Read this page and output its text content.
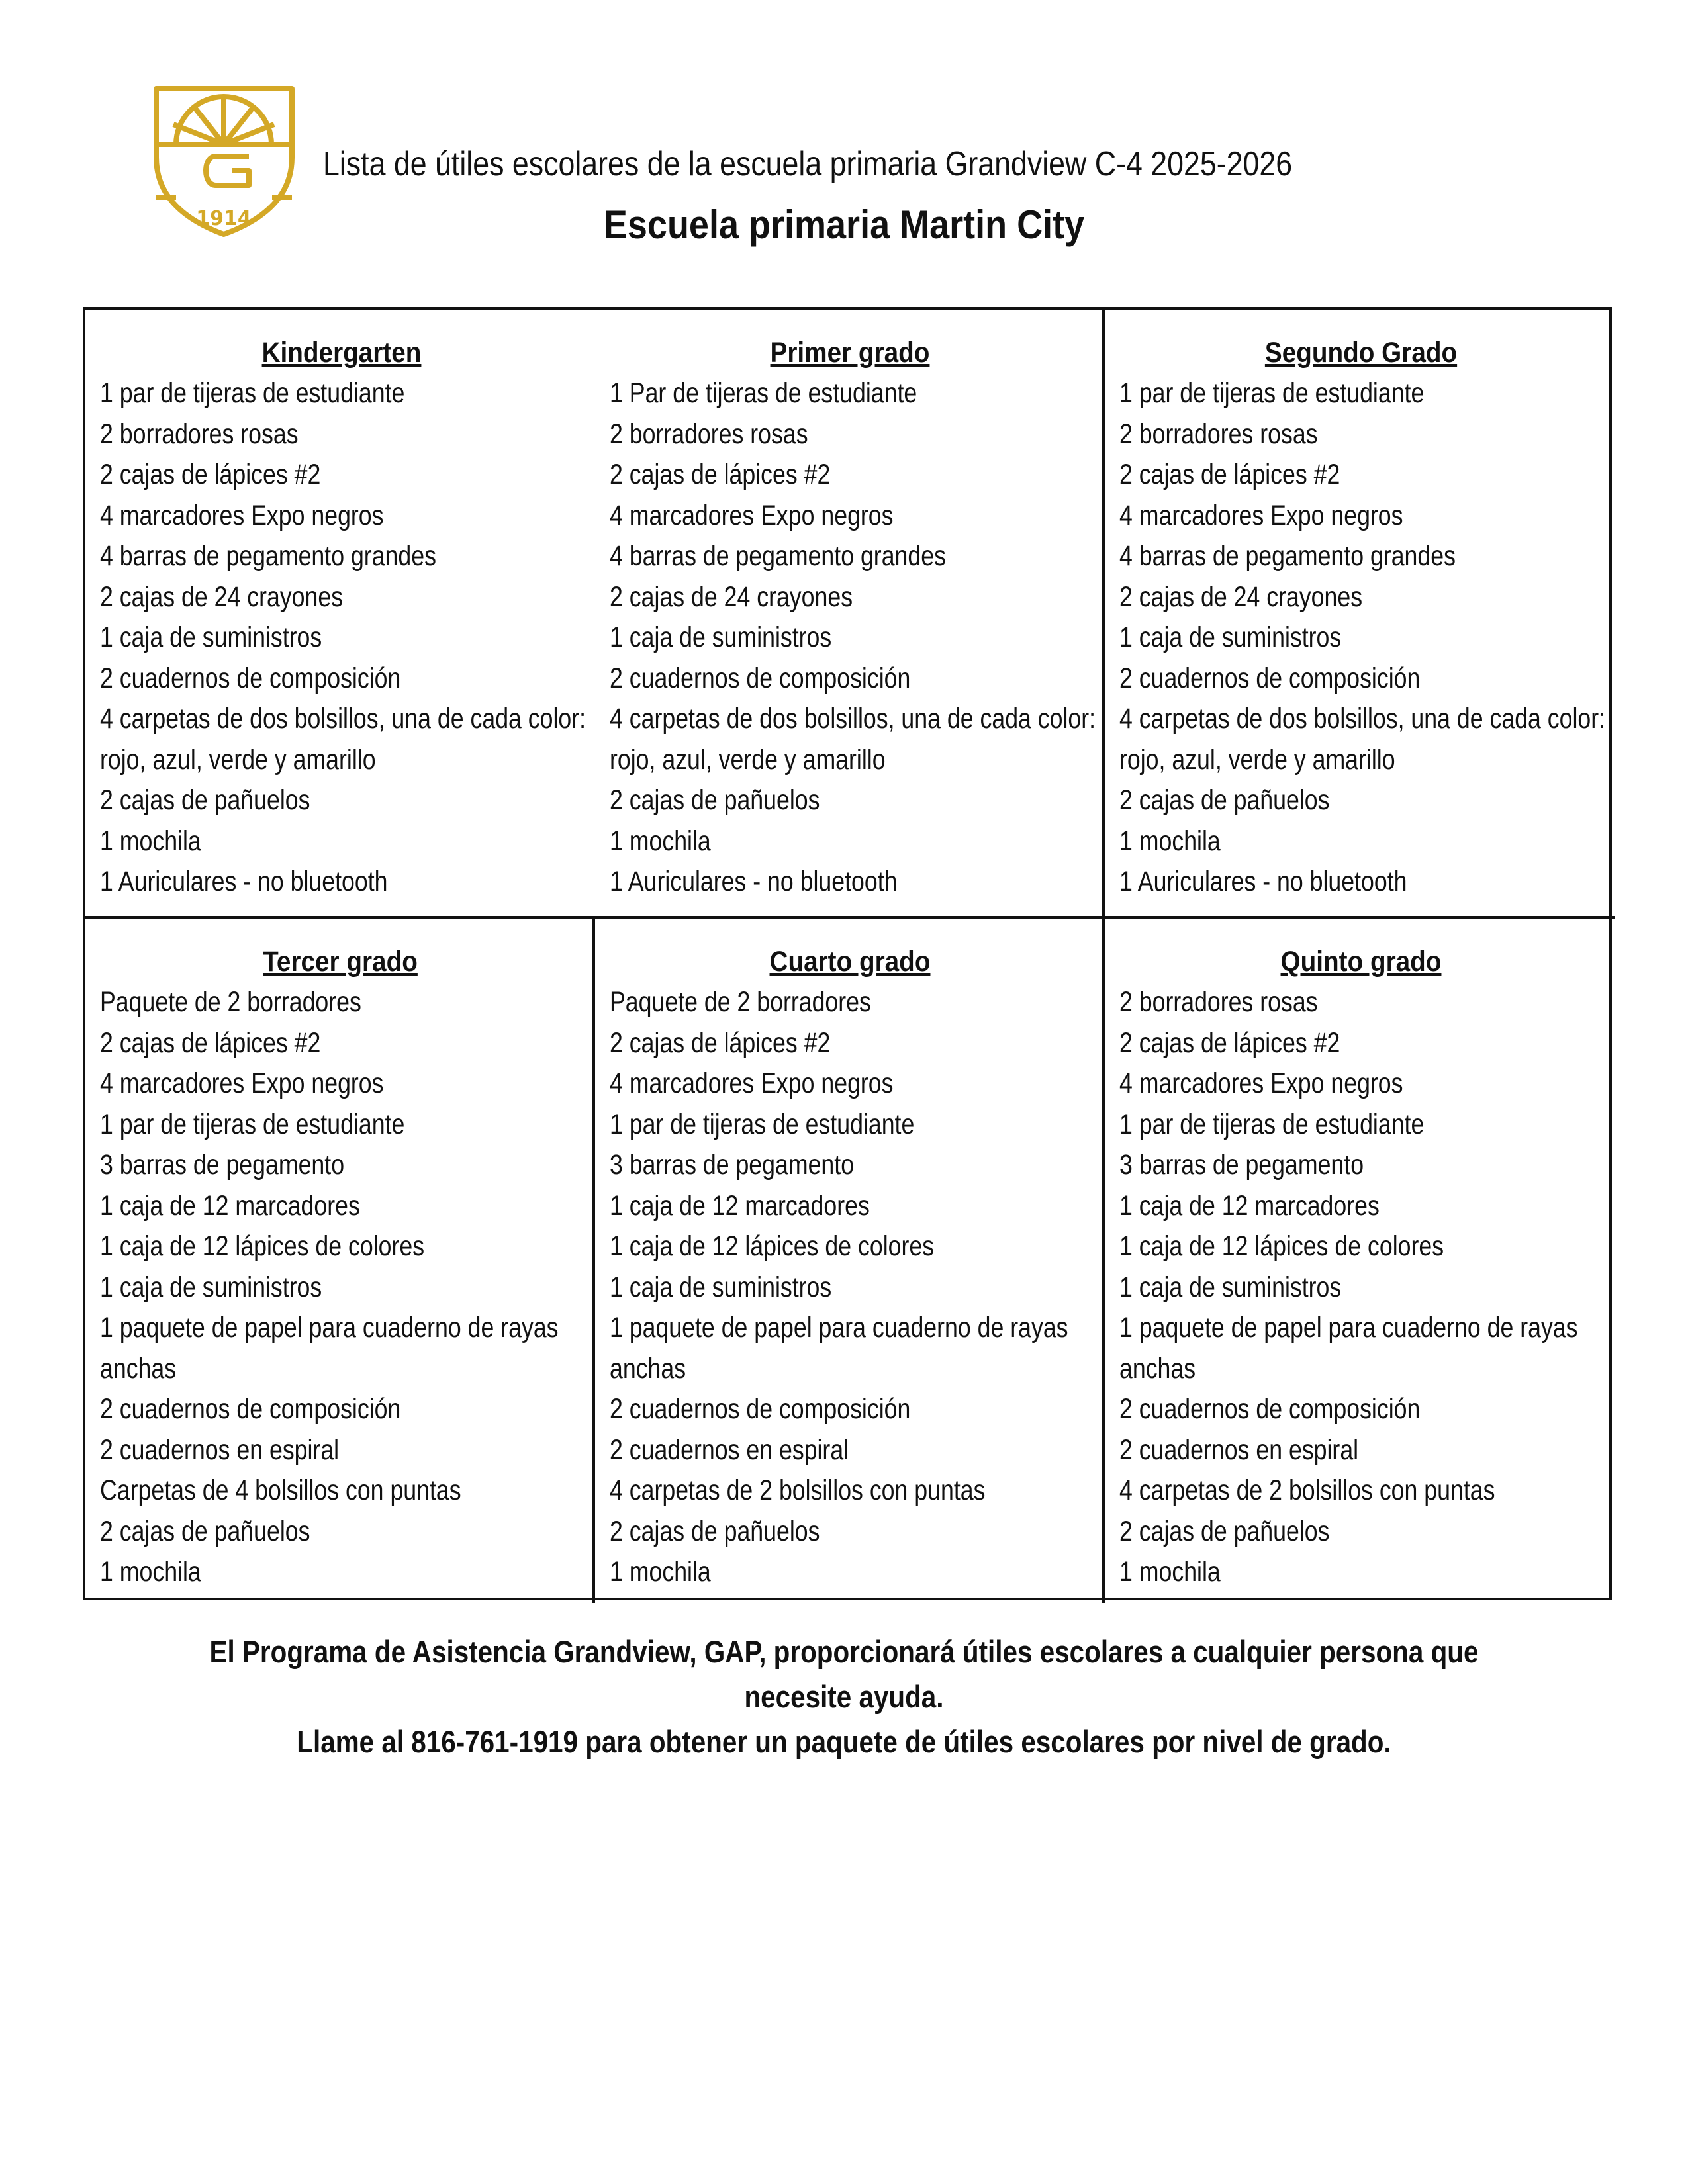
1914
Lista de útiles escolares de la escuela primaria Grandview C-4 2025-2026
Escuela primaria Martin City
Kindergarten
1 par de tijeras de estudiante
2 borradores rosas
2 cajas de lápices #2
4 marcadores Expo negros
4 barras de pegamento grandes
2 cajas de 24 crayones
1 caja de suministros
2 cuadernos de composición
4 carpetas de dos bolsillos, una de cada color:
rojo, azul, verde y amarillo
2 cajas de pañuelos
1 mochila
1 Auriculares - no bluetooth
Primer grado
1 Par de tijeras de estudiante
2 borradores rosas
2 cajas de lápices #2
4 marcadores Expo negros
4 barras de pegamento grandes
2 cajas de 24 crayones
1 caja de suministros
2 cuadernos de composición
4 carpetas de dos bolsillos, una de cada color:
rojo, azul, verde y amarillo
2 cajas de pañuelos
1 mochila
1 Auriculares - no bluetooth
Segundo Grado
1 par de tijeras de estudiante
2 borradores rosas
2 cajas de lápices #2
4 marcadores Expo negros
4 barras de pegamento grandes
2 cajas de 24 crayones
1 caja de suministros
2 cuadernos de composición
4 carpetas de dos bolsillos, una de cada color:
rojo, azul, verde y amarillo
2 cajas de pañuelos
1 mochila
1 Auriculares - no bluetooth
Tercer grado
Paquete de 2 borradores
2 cajas de lápices #2
4 marcadores Expo negros
1 par de tijeras de estudiante
3 barras de pegamento
1 caja de 12 marcadores
1 caja de 12 lápices de colores
1 caja de suministros
1 paquete de papel para cuaderno de rayas
anchas
2 cuadernos de composición
2 cuadernos en espiral
Carpetas de 4 bolsillos con puntas
2 cajas de pañuelos
1 mochila
Cuarto grado
Paquete de 2 borradores
2 cajas de lápices #2
4 marcadores Expo negros
1 par de tijeras de estudiante
3 barras de pegamento
1 caja de 12 marcadores
1 caja de 12 lápices de colores
1 caja de suministros
1 paquete de papel para cuaderno de rayas
anchas
2 cuadernos de composición
2 cuadernos en espiral
4 carpetas de 2 bolsillos con puntas
2 cajas de pañuelos
1 mochila
Quinto grado
2 borradores rosas
2 cajas de lápices #2
4 marcadores Expo negros
1 par de tijeras de estudiante
3 barras de pegamento
1 caja de 12 marcadores
1 caja de 12 lápices de colores
1 caja de suministros
1 paquete de papel para cuaderno de rayas
anchas
2 cuadernos de composición
2 cuadernos en espiral
4 carpetas de 2 bolsillos con puntas
2 cajas de pañuelos
1 mochila
El Programa de Asistencia Grandview, GAP, proporcionará útiles escolares a cualquier persona que
necesite ayuda.
Llame al 816-761-1919 para obtener un paquete de útiles escolares por nivel de grado.
